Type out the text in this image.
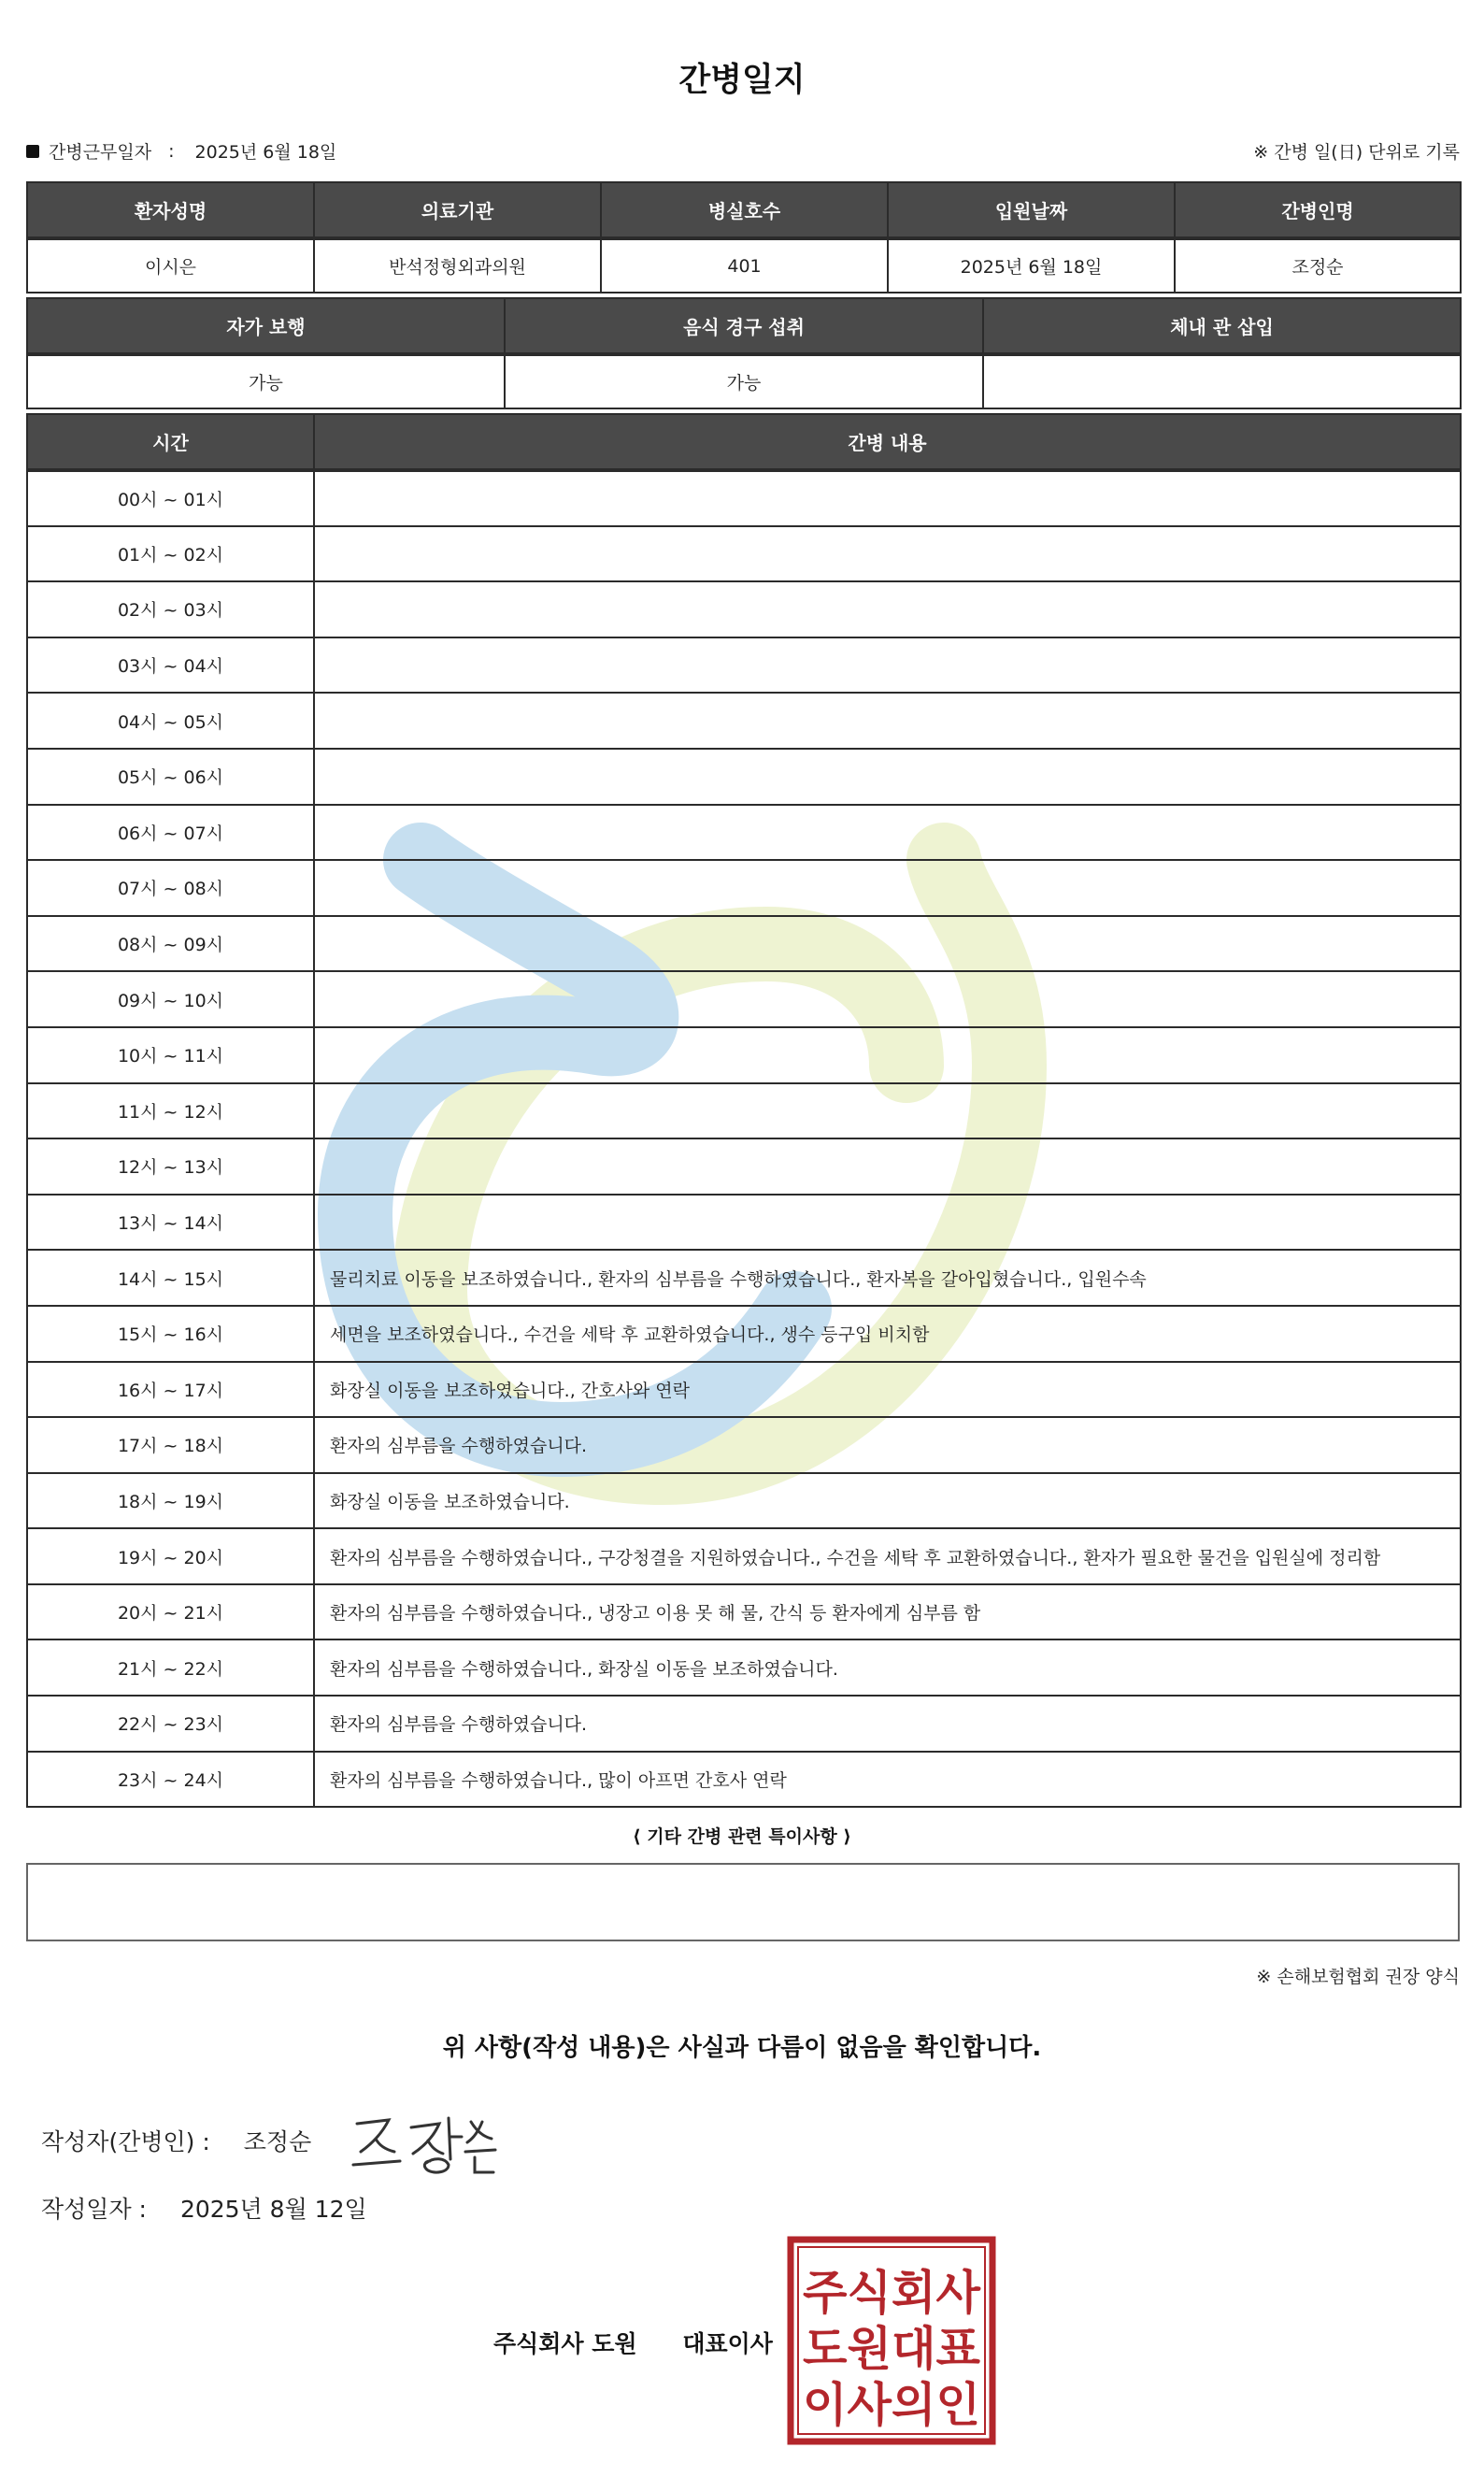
간병일지
간병근무일자 : 2025년 6월 18일	※ 간병 일(日) 단위로 기록
환자성명	의료기관	병실호수	입원날짜	간병인명
이시은	반석정형외과의원	401	2025년 6월 18일	조정순
자가 보행	음식 경구 섭취	체내 관 삽입
가능	가능	
시간	간병 내용
00시 ~ 01시	
01시 ~ 02시	
02시 ~ 03시	
03시 ~ 04시	
04시 ~ 05시	
05시 ~ 06시	
06시 ~ 07시	
07시 ~ 08시	
08시 ~ 09시	
09시 ~ 10시	
10시 ~ 11시	
11시 ~ 12시	
12시 ~ 13시	
13시 ~ 14시	
14시 ~ 15시	물리치료 이동을 보조하였습니다., 환자의 심부름을 수행하였습니다., 환자복을 갈아입혔습니다., 입원수속
15시 ~ 16시	세면을 보조하였습니다., 수건을 세탁 후 교환하였습니다., 생수 등구입 비치함
16시 ~ 17시	화장실 이동을 보조하였습니다., 간호사와 연락
17시 ~ 18시	환자의 심부름을 수행하였습니다.
18시 ~ 19시	화장실 이동을 보조하였습니다.
19시 ~ 20시	환자의 심부름을 수행하였습니다., 구강청결을 지원하였습니다., 수건을 세탁 후 교환하였습니다., 환자가 필요한 물건을 입원실에 정리함
20시 ~ 21시	환자의 심부름을 수행하였습니다., 냉장고 이용 못 해 물, 간식 등 환자에게 심부름 함
21시 ~ 22시	환자의 심부름을 수행하였습니다., 화장실 이동을 보조하였습니다.
22시 ~ 23시	환자의 심부름을 수행하였습니다.
23시 ~ 24시	환자의 심부름을 수행하였습니다., 많이 아프면 간호사 연락
⟨ 기타 간병 관련 특이사항 ⟩
※ 손해보험협회 권장 양식
위 사항(작성 내용)은 사실과 다름이 없음을 확인합니다.
작성자(간병인) : 조정순
작성일자 : 2025년 8월 12일
주식회사 도원 대표이사
주식회사
도원대표
이사의인
